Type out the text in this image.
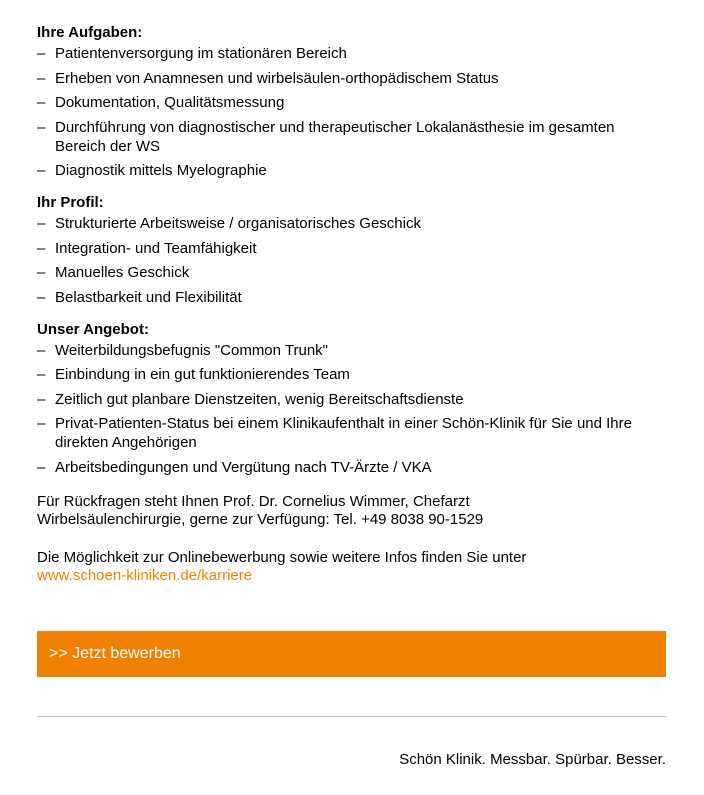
Ihre Aufgaben:
– Patientenversorgung im stationären Bereich
– Erheben von Anamnesen und wirbelsäulen-orthopädischem Status
– Dokumentation, Qualitätsmessung
– Durchführung von diagnostischer und therapeutischer Lokalanästhesie im gesamten Bereich der WS
– Diagnostik mittels Myelographie
Ihr Profil:
– Strukturierte Arbeitsweise / organisatorisches Geschick
– Integration- und Teamfähigkeit
– Manuelles Geschick
– Belastbarkeit und Flexibilität
Unser Angebot:
– Weiterbildungsbefugnis "Common Trunk"
– Einbindung in ein gut funktionierendes Team
– Zeitlich gut planbare Dienstzeiten, wenig Bereitschaftsdienste
– Privat-Patienten-Status bei einem Klinikaufenthalt in einer Schön-Klinik für Sie und Ihre direkten Angehörigen
– Arbeitsbedingungen und Vergütung nach TV-Ärzte / VKA

Für Rückfragen steht Ihnen Prof. Dr. Cornelius Wimmer, Chefarzt
Wirbelsäulenchirurgie, gerne zur Verfügung: Tel. +49 8038 90-1529

Die Möglichkeit zur Onlinebewerbung sowie weitere Infos finden Sie unter
www.schoen-kliniken.de/karriere

>> Jetzt bewerben
Schön Klinik. Messbar. Spürbar. Besser.
